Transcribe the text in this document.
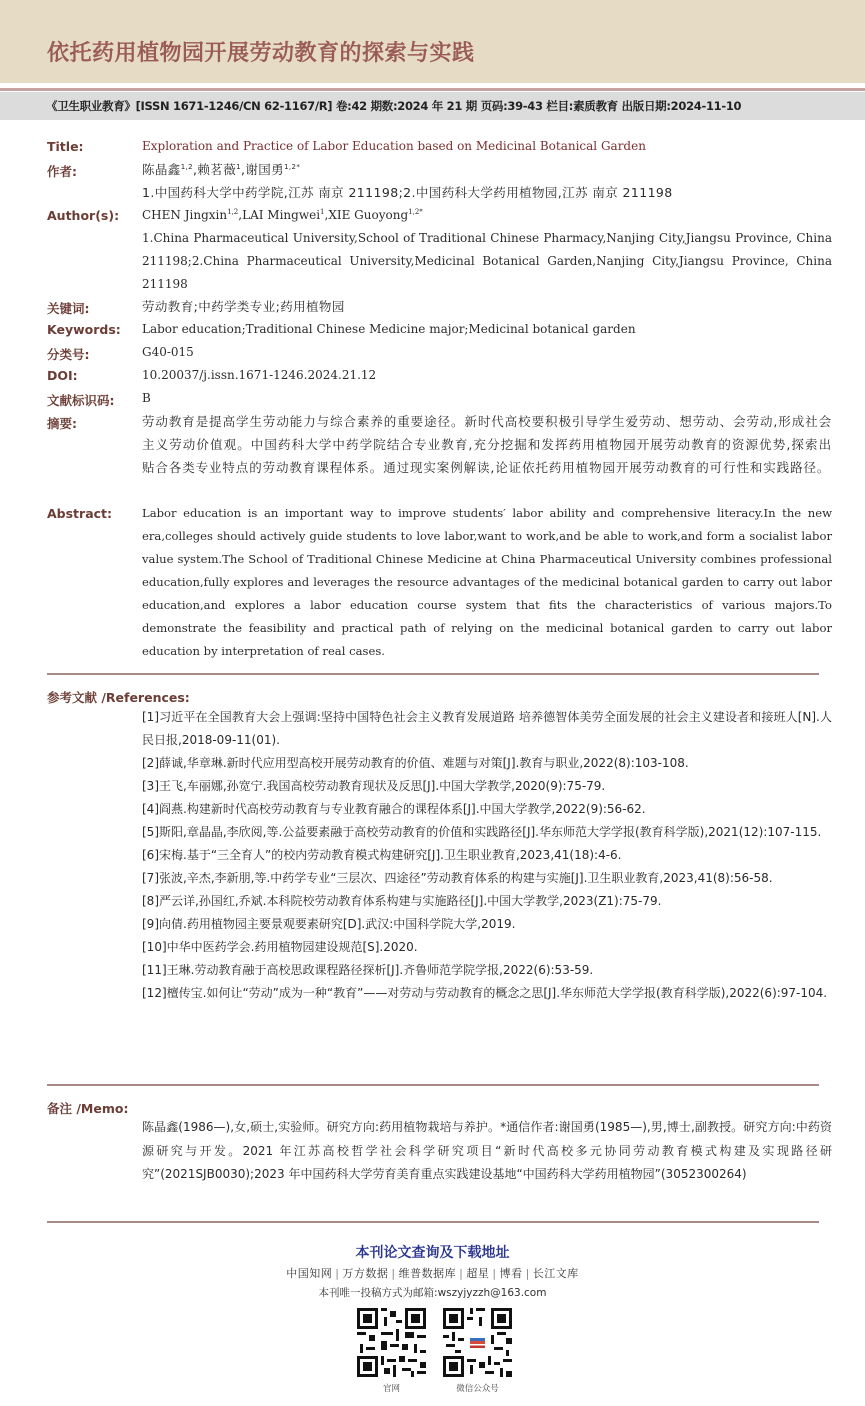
依托药用植物园开展劳动教育的探索与实践
《卫生职业教育》[ISSN 1671-1246/CN 62-1167/R] 卷:42 期数:2024 年 21 期 页码:39-43 栏目:素质教育 出版日期:2024-11-10
Title:	Exploration and Practice of Labor Education based on Medicinal Botanical Garden
作者:	陈晶鑫$^{1,2}$,赖茗薇$^1$,谢国勇$^{1,2*}$
1.中国药科大学中药学院,江苏 南京 211198;2.中国药科大学药用植物园,江苏 南京 211198
Author(s): CHEN Jingxin$^{1,2}$,LAI Mingwei$^1$,XIE Guoyong$^{1,2*}$
1.China Pharmaceutical University,School of Traditional Chinese Pharmacy,Nanjing City,Jiangsu Province, China 211198;2.China Pharmaceutical University,Medicinal Botanical Garden,Nanjing City,Jiangsu Province, China 211198
关键词:	劳动教育;中药学类专业;药用植物园
Keywords: Labor education;Traditional Chinese Medicine major;Medicinal botanical garden
分类号:	G40-015
DOI:	10.20037/j.issn.1671-1246.2024.21.12
文献标识码: B
摘要:	劳动教育是提高学生劳动能力与综合素养的重要途径。新时代高校要积极引导学生爱劳动、想劳动、会劳动,形成社会主义劳动价值观。中国药科大学中药学院结合专业教育,充分挖掘和发挥药用植物园开展劳动教育的资源优势,探索出贴合各类专业特点的劳动教育课程体系。通过现实案例解读,论证依托药用植物园开展劳动教育的可行性和实践路径。
Abstract:	Labor education is an important way to improve students′ labor ability and comprehensive literacy.In the new era,colleges should actively guide students to love labor,want to work,and be able to work,and form a socialist labor value system.The School of Traditional Chinese Medicine at China Pharmaceutical University combines professional education,fully explores and leverages the resource advantages of the medicinal botanical garden to carry out labor education,and explores a labor education course system that fits the characteristics of various majors.To demonstrate the feasibility and practical path of relying on the medicinal botanical garden to carry out labor education by interpretation of real cases.
参考文献 /References:
[1]习近平在全国教育大会上强调:坚持中国特色社会主义教育发展道路 培养德智体美劳全面发展的社会主义建设者和接班人[N].人民日报,2018-09-11(01).
[2]薛诚,华章琳.新时代应用型高校开展劳动教育的价值、难题与对策[J].教育与职业,2022(8):103-108.
[3]王飞,车丽娜,孙宽宁.我国高校劳动教育现状及反思[J].中国大学教学,2020(9):75-79.
[4]阎燕.构建新时代高校劳动教育与专业教育融合的课程体系[J].中国大学教学,2022(9):56-62.
[5]斯阳,章晶晶,李欣阅,等.公益要素融于高校劳动教育的价值和实践路径[J].华东师范大学学报(教育科学版),2021(12):107-115.
[6]宋梅.基于“三全育人”的校内劳动教育模式构建研究[J].卫生职业教育,2023,41(18):4-6.
[7]张波,辛杰,李新朋,等.中药学专业“三层次、四途径”劳动教育体系的构建与实施[J].卫生职业教育,2023,41(8):56-58.
[8]严云详,孙国红,乔斌.本科院校劳动教育体系构建与实施路径[J].中国大学教学,2023(Z1):75-79.
[9]向倩.药用植物园主要景观要素研究[D].武汉:中国科学院大学,2019.
[10]中华中医药学会.药用植物园建设规范[S].2020.
[11]王琳.劳动教育融于高校思政课程路径探析[J].齐鲁师范学院学报,2022(6):53-59.
[12]檀传宝.如何让“劳动”成为一种“教育”——对劳动与劳动教育的概念之思[J].华东师范大学学报(教育科学版),2022(6):97-104.
备注 /Memo:
陈晶鑫(1986—),女,硕士,实验师。研究方向:药用植物栽培与养护。*通信作者:谢国勇(1985—),男,博士,副教授。研究方向:中药资源研究与开发。2021 年江苏高校哲学社会科学研究项目“新时代高校多元协同劳动教育模式构建及实现路径研究”(2021SJB0030);2023 年中国药科大学劳育美育重点实践建设基地“中国药科大学药用植物园”(3052300264)
本刊论文查询及下载地址
中国知网 | 万方数据 | 维普数据库 | 超星 | 博看 | 长江文库
本刊唯一投稿方式为邮箱:wszyjyzzh@163.com
官网	微信公众号
